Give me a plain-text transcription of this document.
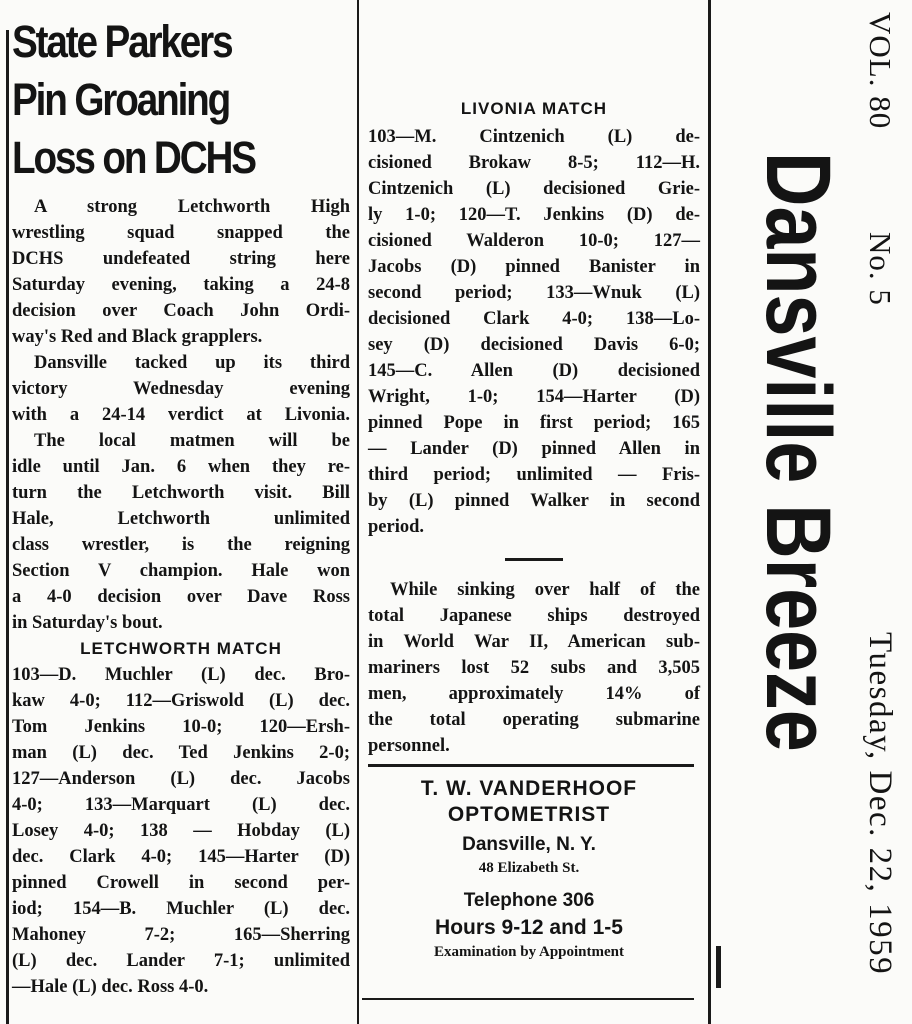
State Parkers
Pin Groaning
Loss on DCHS
A strong Letchworth High
wrestling squad snapped the
DCHS undefeated string here
Saturday evening, taking a 24-8
decision over Coach John Ordi-
way's Red and Black grapplers.
Dansville tacked up its third
victory Wednesday evening
with a 24-14 verdict at Livonia.
The local matmen will be
idle until Jan. 6 when they re-
turn the Letchworth visit. Bill
Hale, Letchworth unlimited
class wrestler, is the reigning
Section V champion. Hale won
a 4-0 decision over Dave Ross
in Saturday's bout.
LETCHWORTH MATCH
103—D. Muchler (L) dec. Bro-
kaw 4-0; 112—Griswold (L) dec.
Tom Jenkins 10-0; 120—Ersh-
man (L) dec. Ted Jenkins 2-0;
127—Anderson (L) dec. Jacobs
4-0; 133—Marquart (L) dec.
Losey 4-0; 138 — Hobday (L)
dec. Clark 4-0; 145—Harter (D)
pinned Crowell in second per-
iod; 154—B. Muchler (L) dec.
Mahoney 7-2; 165—Sherring
(L) dec. Lander 7-1; unlimited
—Hale (L) dec. Ross 4-0.
LIVONIA MATCH
103—M. Cintzenich (L) de-
cisioned Brokaw 8-5; 112—H.
Cintzenich (L) decisioned Grie-
ly 1-0; 120—T. Jenkins (D) de-
cisioned Walderon 10-0; 127—
Jacobs (D) pinned Banister in
second period; 133—Wnuk (L)
decisioned Clark 4-0; 138—Lo-
sey (D) decisioned Davis 6-0;
145—C. Allen (D) decisioned
Wright, 1-0; 154—Harter (D)
pinned Pope in first period; 165
— Lander (D) pinned Allen in
third period; unlimited — Fris-
by (L) pinned Walker in second
period.
While sinking over half of the
total Japanese ships destroyed
in World War II, American sub-
mariners lost 52 subs and 3,505
men, approximately 14% of
the total operating submarine
personnel.
T. W. VANDERHOOF
OPTOMETRIST
Dansville, N. Y.
48 Elizabeth St.
Telephone 306
Hours 9-12 and 1-5
Examination by Appointment
VOL. 80
No. 5
Dansville Breeze
Tuesday, Dec. 22, 1959
